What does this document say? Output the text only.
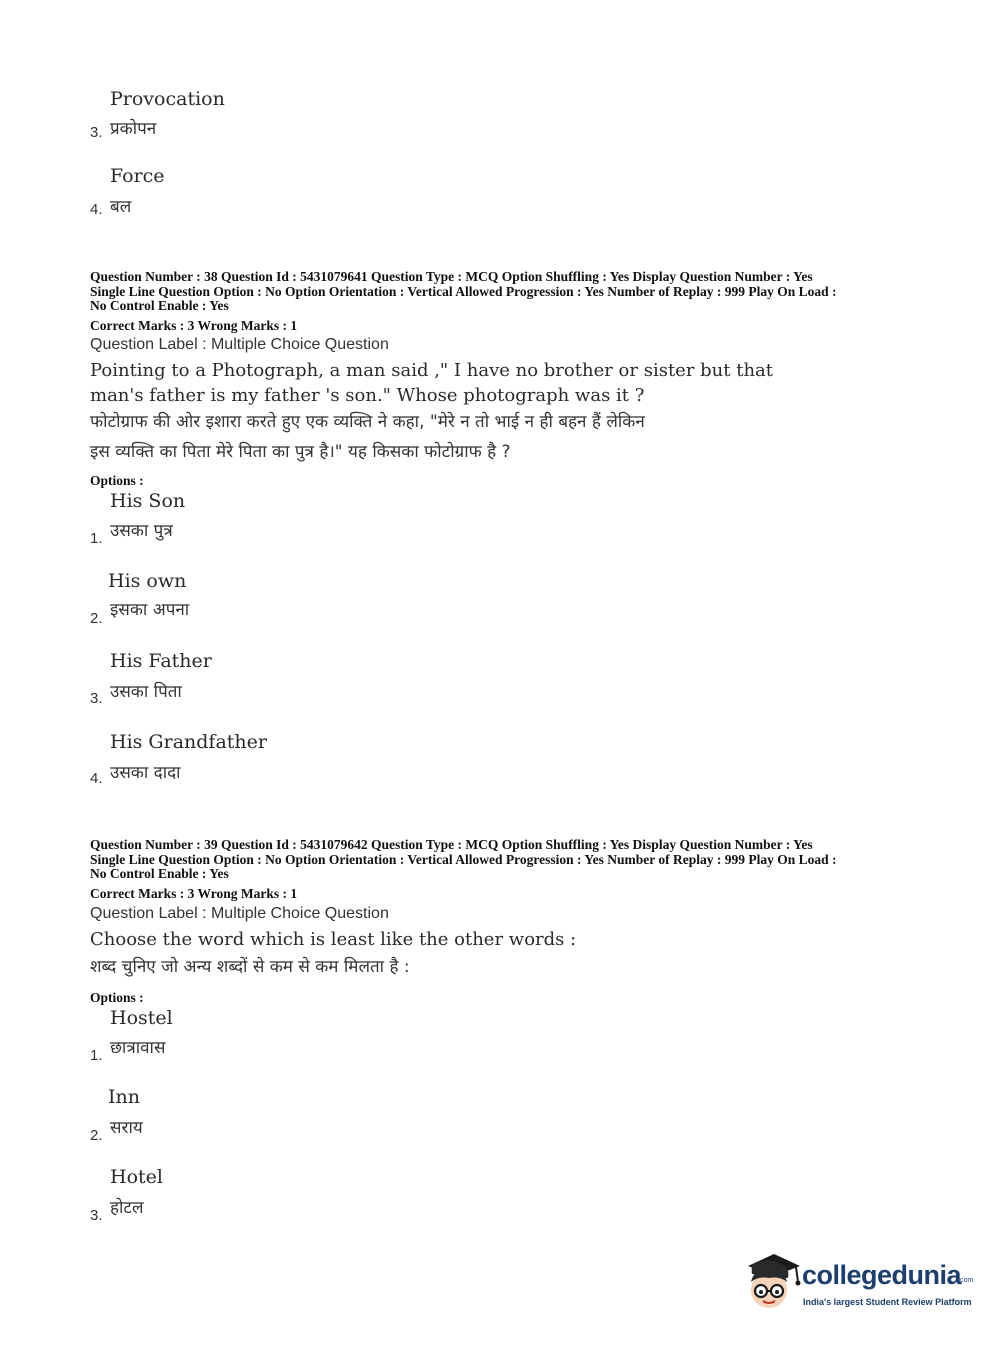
Provocation
3. प्रकोपन
Force
4. बल
Question Number : 38 Question Id : 5431079641 Question Type : MCQ Option Shuffling : Yes Display Question Number : Yes
Single Line Question Option : No Option Orientation : Vertical Allowed Progression : Yes Number of Replay : 999 Play On Load :
No Control Enable : Yes
Correct Marks : 3 Wrong Marks : 1
Question Label : Multiple Choice Question
Pointing to a Photograph, a man said ," I have no brother or sister but that
man's father is my father 's son." Whose photograph was it ?
फोटोग्राफ की ओर इशारा करते हुए एक व्यक्ति ने कहा, "मेरे न तो भाई न ही बहन हैं लेकिन
इस व्यक्ति का पिता मेरे पिता का पुत्र है।" यह किसका फोटोग्राफ है ?
Options :
His Son
1. उसका पुत्र
His own
2. इसका अपना
His Father
3. उसका पिता
His Grandfather
4. उसका दादा
Question Number : 39 Question Id : 5431079642 Question Type : MCQ Option Shuffling : Yes Display Question Number : Yes
Single Line Question Option : No Option Orientation : Vertical Allowed Progression : Yes Number of Replay : 999 Play On Load :
No Control Enable : Yes
Correct Marks : 3 Wrong Marks : 1
Question Label : Multiple Choice Question
Choose the word which is least like the other words :
शब्द चुनिए जो अन्य शब्दों से कम से कम मिलता है :
Options :
Hostel
1. छात्रावास
Inn
2. सराय
Hotel
3. होटल
collegedunia
.com
India's largest Student Review Platform
